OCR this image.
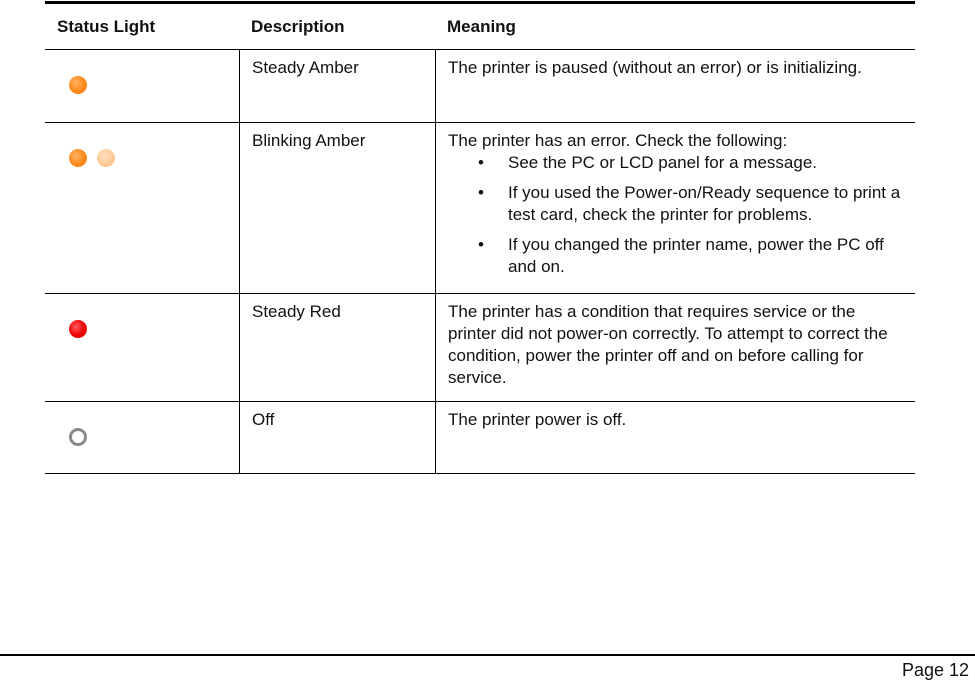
Status Light	Description	Meaning
Steady Amber	The printer is paused (without an error) or is initializing.
Blinking Amber	The printer has an error. Check the following:
• See the PC or LCD panel for a message.
• If you used the Power-on/Ready sequence to print a test card, check the printer for problems.
• If you changed the printer name, power the PC off and on.
Steady Red	The printer has a condition that requires service or the printer did not power-on correctly. To attempt to correct the condition, power the printer off and on before calling for service.
Off	The printer power is off.
Page 12
